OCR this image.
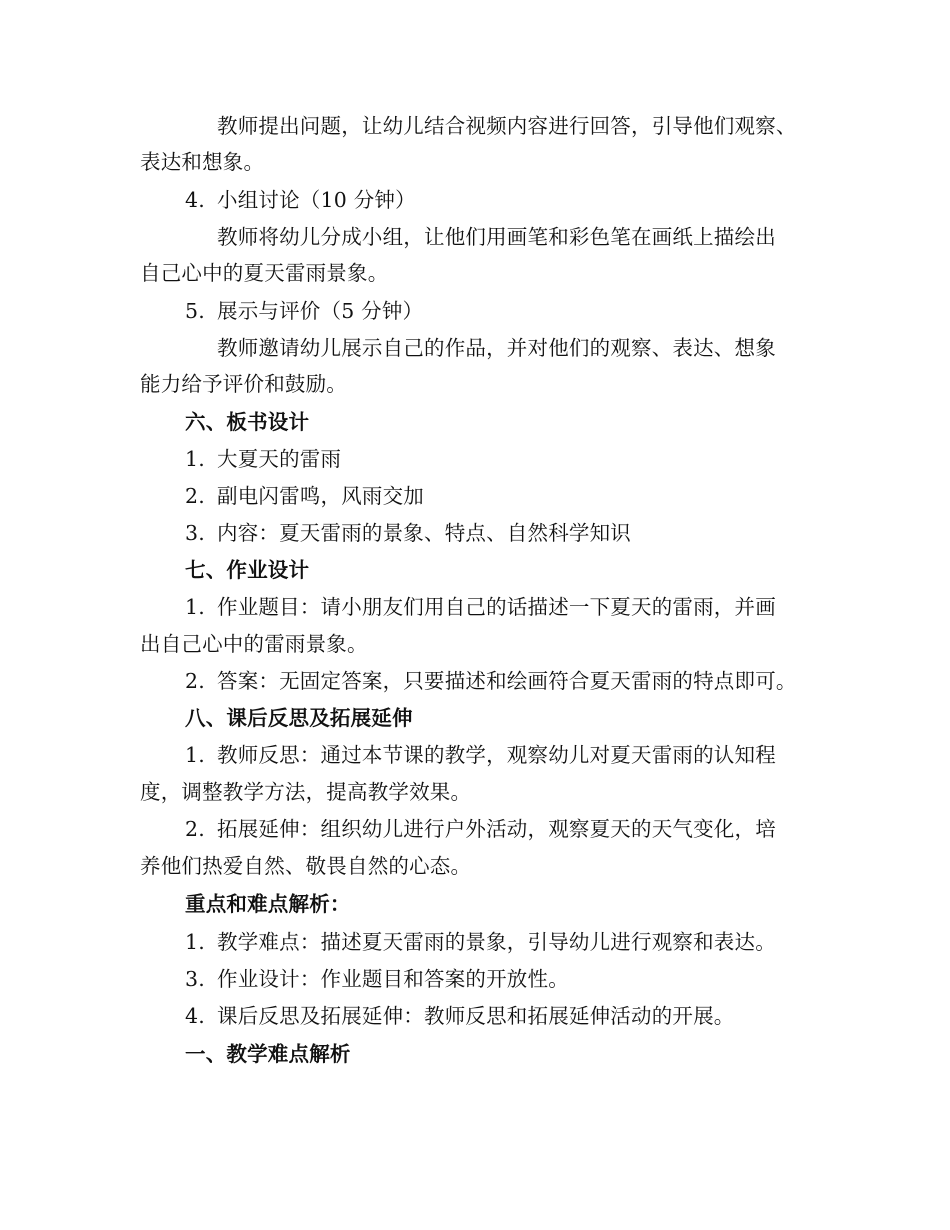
教师提出问题，让幼儿结合视频内容进行回答，引导他们观察、
表达和想象。
4. 小组讨论（10 分钟）
教师将幼儿分成小组，让他们用画笔和彩色笔在画纸上描绘出
自己心中的夏天雷雨景象。
5. 展示与评价（5 分钟）
教师邀请幼儿展示自己的作品，并对他们的观察、表达、想象
能力给予评价和鼓励。
六、板书设计
1. 大夏天的雷雨
2. 副电闪雷鸣，风雨交加
3. 内容：夏天雷雨的景象、特点、自然科学知识
七、作业设计
1. 作业题目：请小朋友们用自己的话描述一下夏天的雷雨，并画
出自己心中的雷雨景象。
2. 答案：无固定答案，只要描述和绘画符合夏天雷雨的特点即可。
八、课后反思及拓展延伸
1. 教师反思：通过本节课的教学，观察幼儿对夏天雷雨的认知程
度，调整教学方法，提高教学效果。
2. 拓展延伸：组织幼儿进行户外活动，观察夏天的天气变化，培
养他们热爱自然、敬畏自然的心态。
重点和难点解析：
1. 教学难点：描述夏天雷雨的景象，引导幼儿进行观察和表达。
3. 作业设计：作业题目和答案的开放性。
4. 课后反思及拓展延伸：教师反思和拓展延伸活动的开展。
一、教学难点解析
